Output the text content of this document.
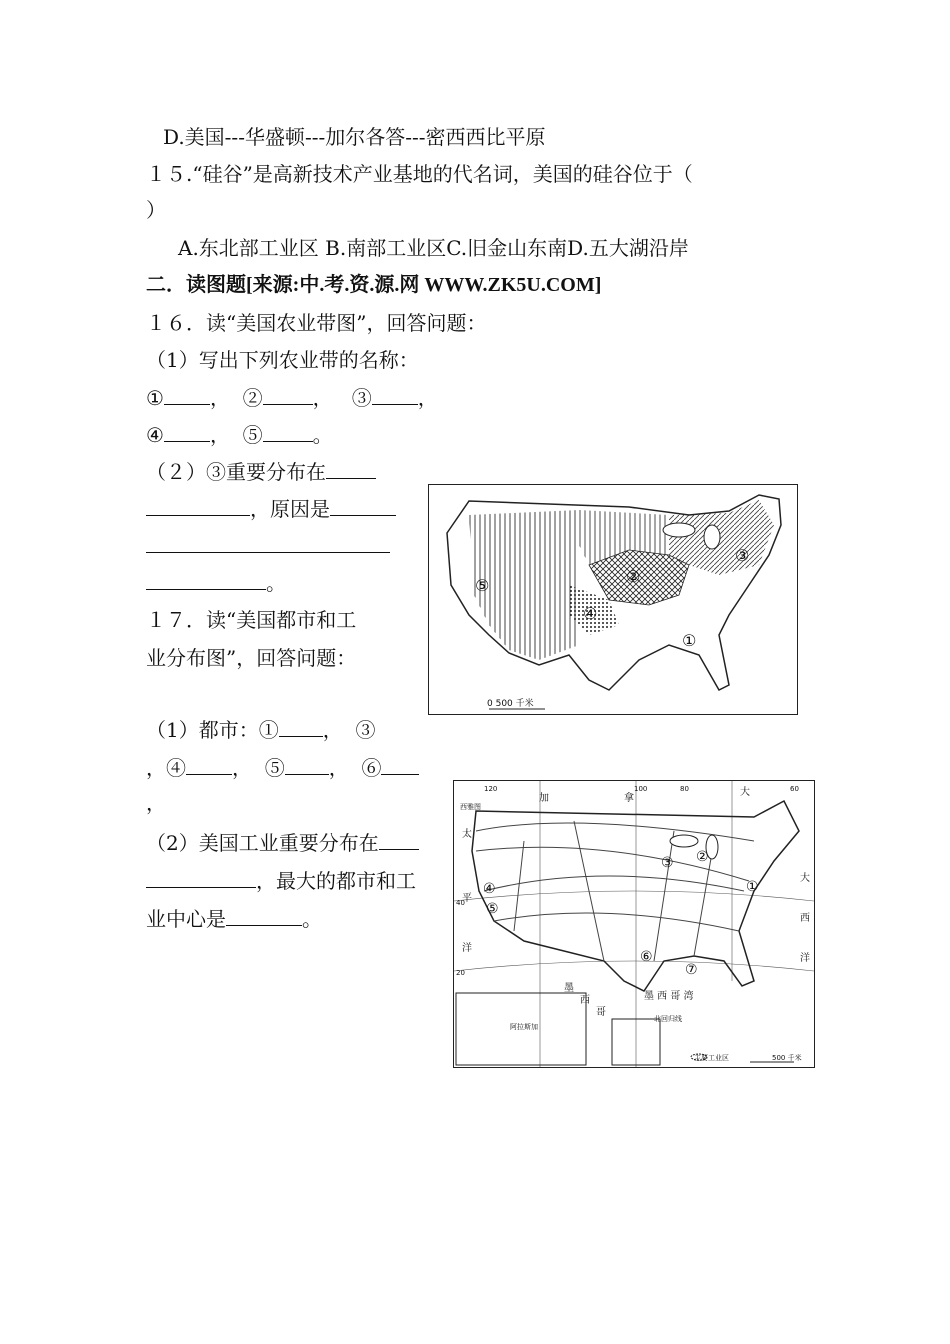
D.美国---华盛顿---加尔各答---密西西比平原
１５.“硅谷”是高新技术产业基地的代名词，美国的硅谷位于（
）
A.东北部工业区 B.南部工业区C.旧金山东南D.五大湖沿岸
二．读图题[来源:中.考.资.源.网 WWW.ZK5U.COM]
１６．读“美国农业带图”，回答问题：
（1）写出下列农业带的名称：
① ， ②	， ③ ，
④ ， ⑤	。
（２）③重要分布在
，原因是
。
１７．读“美国都市和工
业分布图”，回答问题：
（1）都市：① ， ③
，④ ， ⑤ ， ⑥
，
（2）美国工业重要分布在
，最大的都市和工
业中心是	。
⑤	②
③
④
①
0 500 千米
①
②
③
④
⑤
⑥
⑦
加	拿
大
太
平
洋
大
西
洋
墨
西
哥
墨 西 哥 湾
西雅图
北回归线
阿拉斯加
主要工业区	500 千米
120	100	80	60
40
20
